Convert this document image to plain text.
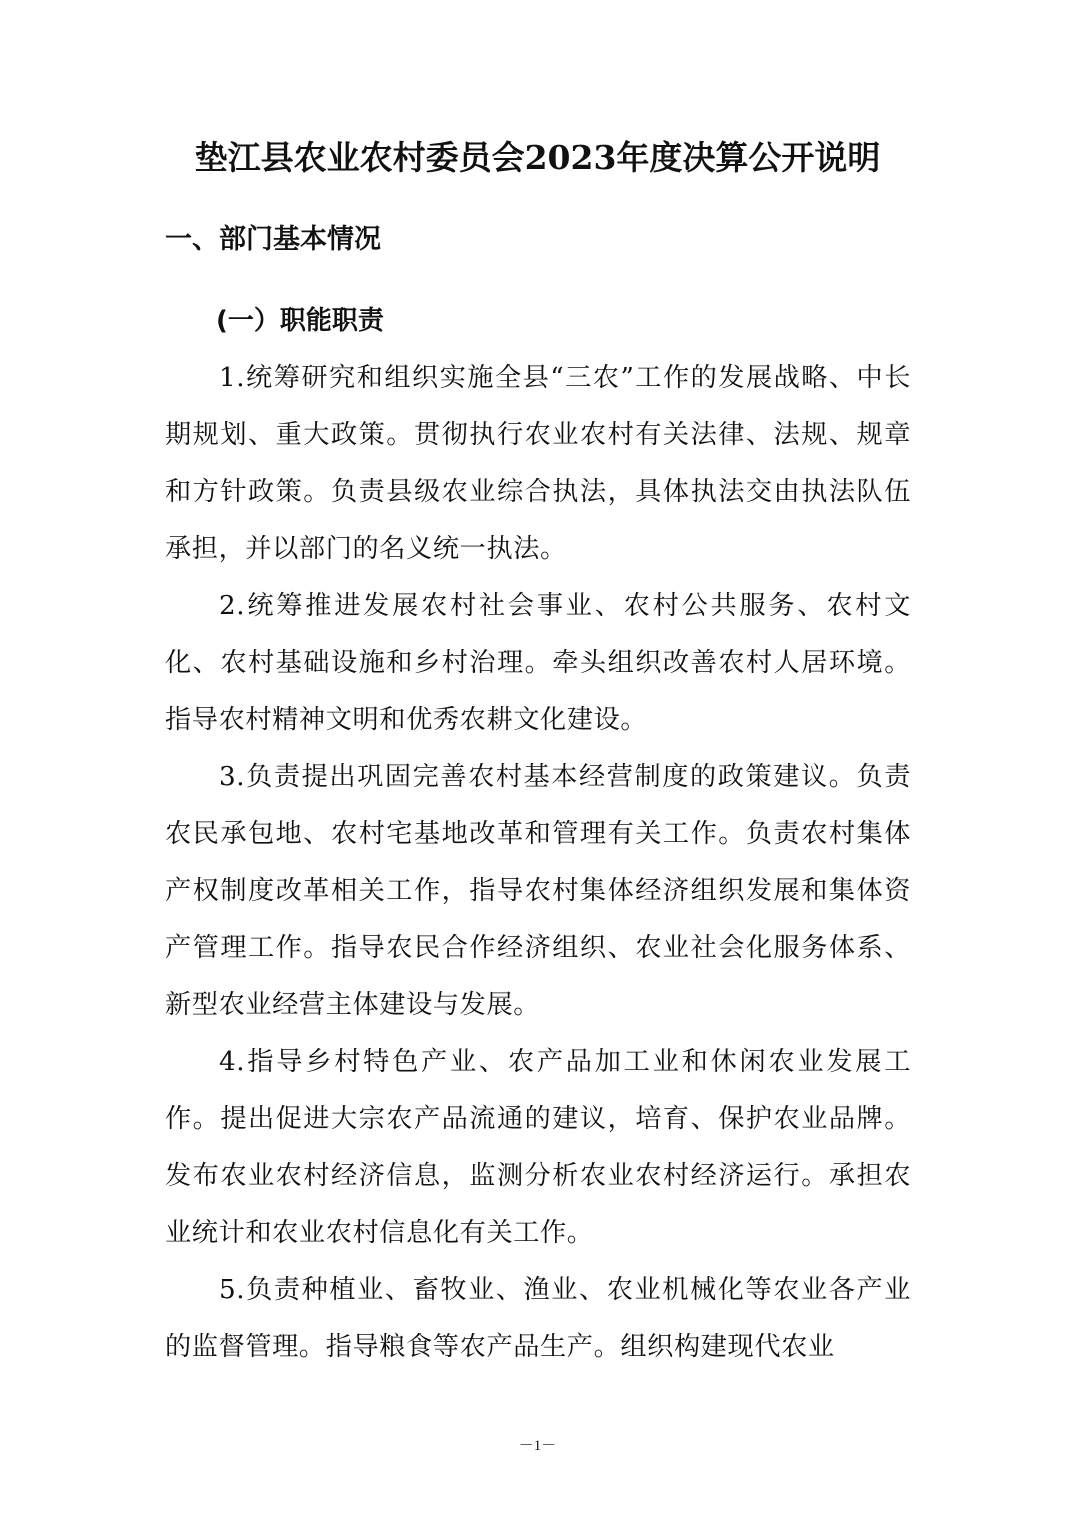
垫江县农业农村委员会2023年度决算公开说明
一、部门基本情况
(一）职能职责

1.统筹研究和组织实施全县“三农”工作的发展战略、中长期规划、重大政策。贯彻执行农业农村有关法律、法规、规章和方针政策。负责县级农业综合执法，具体执法交由执法队伍承担，并以部门的名义统一执法。

2.统筹推进发展农村社会事业、农村公共服务、农村文化、农村基础设施和乡村治理。牵头组织改善农村人居环境。指导农村精神文明和优秀农耕文化建设。

3.负责提出巩固完善农村基本经营制度的政策建议。负责农民承包地、农村宅基地改革和管理有关工作。负责农村集体产权制度改革相关工作，指导农村集体经济组织发展和集体资产管理工作。指导农民合作经济组织、农业社会化服务体系、新型农业经营主体建设与发展。

4.指导乡村特色产业、农产品加工业和休闲农业发展工作。提出促进大宗农产品流通的建议，培育、保护农业品牌。发布农业农村经济信息，监测分析农业农村经济运行。承担农业统计和农业农村信息化有关工作。

5.负责种植业、畜牧业、渔业、农业机械化等农业各产业的监督管理。指导粮食等农产品生产。组织构建现代农业

－1－
